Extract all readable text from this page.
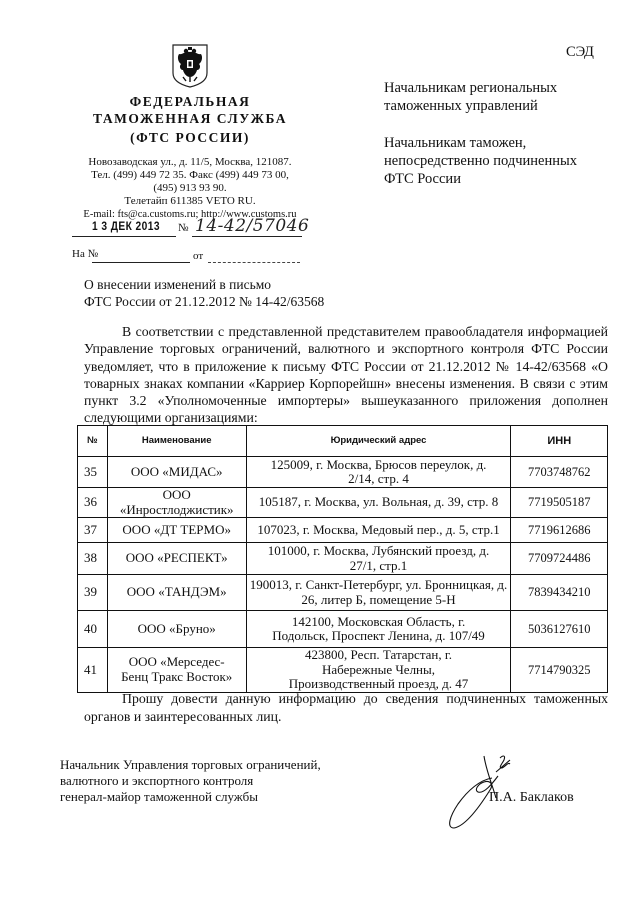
ФЕДЕРАЛЬНАЯ
ТАМОЖЕННАЯ СЛУЖБА
(ФТС РОССИИ)
Новозаводская ул., д. 11/5, Москва, 121087.
Тел. (499) 449 72 35. Факс (499) 449 73 00,
(495) 913 93 90.
Телетайп 611385 VETO RU.
E-mail: fts@ca.customs.ru; http://www.customs.ru
1 3 ДЕК 2013 № 14-42/57046
На №	от
СЭД
Начальникам региональных
таможенных управлений
Начальникам таможен,
непосредственно подчиненных
ФТС России
О внесении изменений в письмо
ФТС России от 21.12.2012 № 14-42/63568
В соответствии с представленной представителем правообладателя информацией Управление торговых ограничений, валютного и экспортного контроля ФТС России уведомляет, что в приложение к письму ФТС России от 21.12.2012 № 14-42/63568 «О товарных знаках компании «Карриер Корпорейшн» внесены изменения. В связи с этим пункт 3.2 «Уполномоченные импортеры» вышеуказанного приложения дополнен следующими организациями:
№	Наименование	Юридический адрес	ИНН
35	ООО «МИДАС»	125009, г. Москва, Брюсов переулок, д. 2/14, стр. 4	7703748762
36	ООО «Инростлоджистик»	105187, г. Москва, ул. Вольная, д. 39, стр. 8	7719505187
37	ООО «ДТ ТЕРМО»	107023, г. Москва, Медовый пер., д. 5, стр.1	7719612686
38	ООО «РЕСПЕКТ»	101000, г. Москва, Лубянский проезд, д. 27/1, стр.1	7709724486
39	ООО «ТАНДЭМ»	190013, г. Санкт-Петербург, ул. Бронницкая, д. 26, литер Б, помещение 5-Н	7839434210
40	ООО «Бруно»	142100, Московская Область, г. Подольск, Проспект Ленина, д. 107/49	5036127610
41	ООО «Мерседес-Бенц Тракс Восток»	423800, Респ. Татарстан, г. Набережные Челны, Производственный проезд, д. 47	7714790325
Прошу довести данную информацию до сведения подчиненных таможенных органов и заинтересованных лиц.
Начальник Управления торговых ограничений,
валютного и экспортного контроля
генерал-майор таможенной службы	П.А. Баклаков
